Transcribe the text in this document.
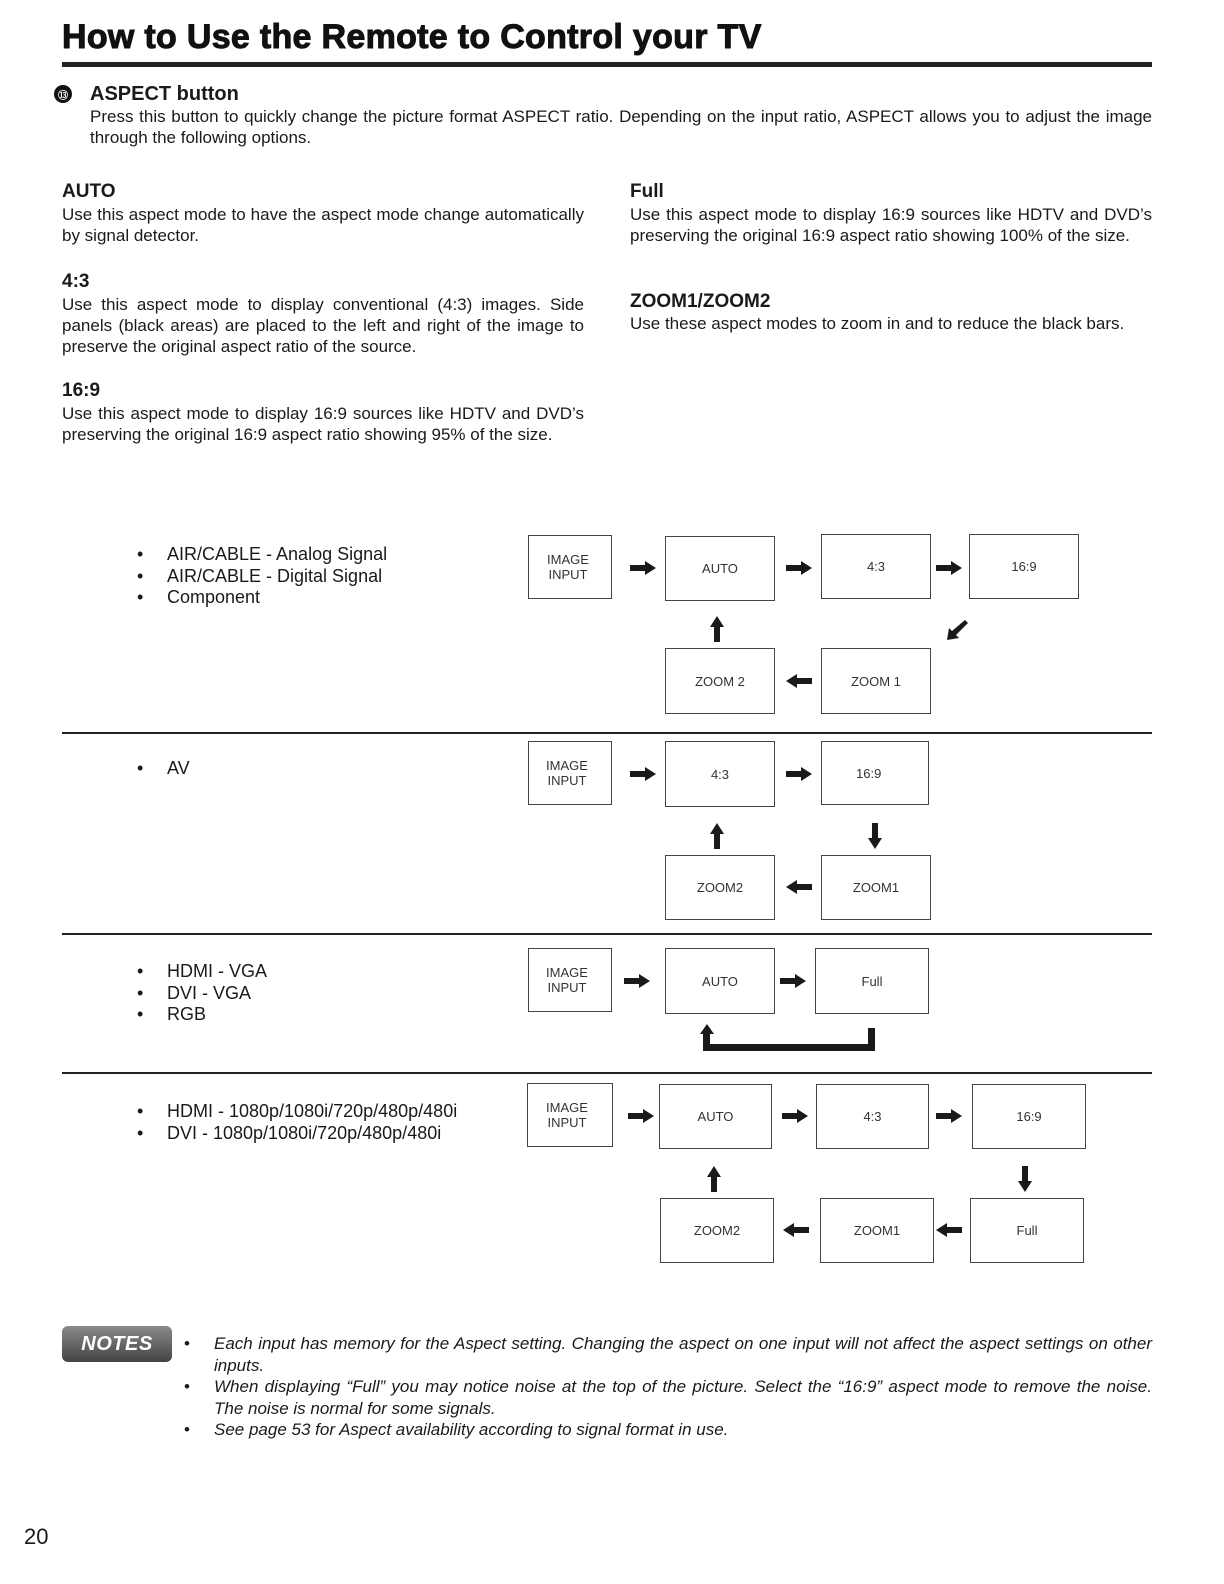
How to Use the Remote to Control your TV
⑬ ASPECT button
Press this button to quickly change the picture format ASPECT ratio. Depending on the input ratio, ASPECT allows you to adjust the image through the following options.
AUTO
Use this aspect mode to have the aspect mode change automatically by signal detector.
4:3
Use this aspect mode to display conventional (4:3) images. Side panels (black areas) are placed to the left and right of the image to preserve the original aspect ratio of the source.
16:9
Use this aspect mode to display 16:9 sources like HDTV and DVD’s preserving the original 16:9 aspect ratio showing 95% of the size.
Full
Use this aspect mode to display 16:9 sources like HDTV and DVD’s preserving the original 16:9 aspect ratio showing 100% of the size.
ZOOM1/ZOOM2
Use these aspect modes to zoom in and to reduce the black bars.
•	AIR/CABLE - Analog Signal
•	AIR/CABLE - Digital Signal
•	Component
IMAGE
INPUT	AUTO	4:3	16:9
ZOOM 2	ZOOM 1
•	AV	IMAGE
INPUT	4:3	16:9
ZOOM2	ZOOM1
•	HDMI - VGA
•	DVI - VGA
•	RGB
IMAGE
INPUT	AUTO	Full
•	HDMI - 1080p/1080i/720p/480p/480i
•	DVI - 1080p/1080i/720p/480p/480i
IMAGE
INPUT	AUTO	4:3	16:9
ZOOM2	ZOOM1	Full
NOTES	•	Each input has memory for the Aspect setting. Changing the aspect on one input will not affect the aspect settings on other inputs.
•	When displaying “Full” you may notice noise at the top of the picture. Select the “16:9” aspect mode to remove the noise. The noise is normal for some signals.
•	See page 53 for Aspect availability according to signal format in use.
20
